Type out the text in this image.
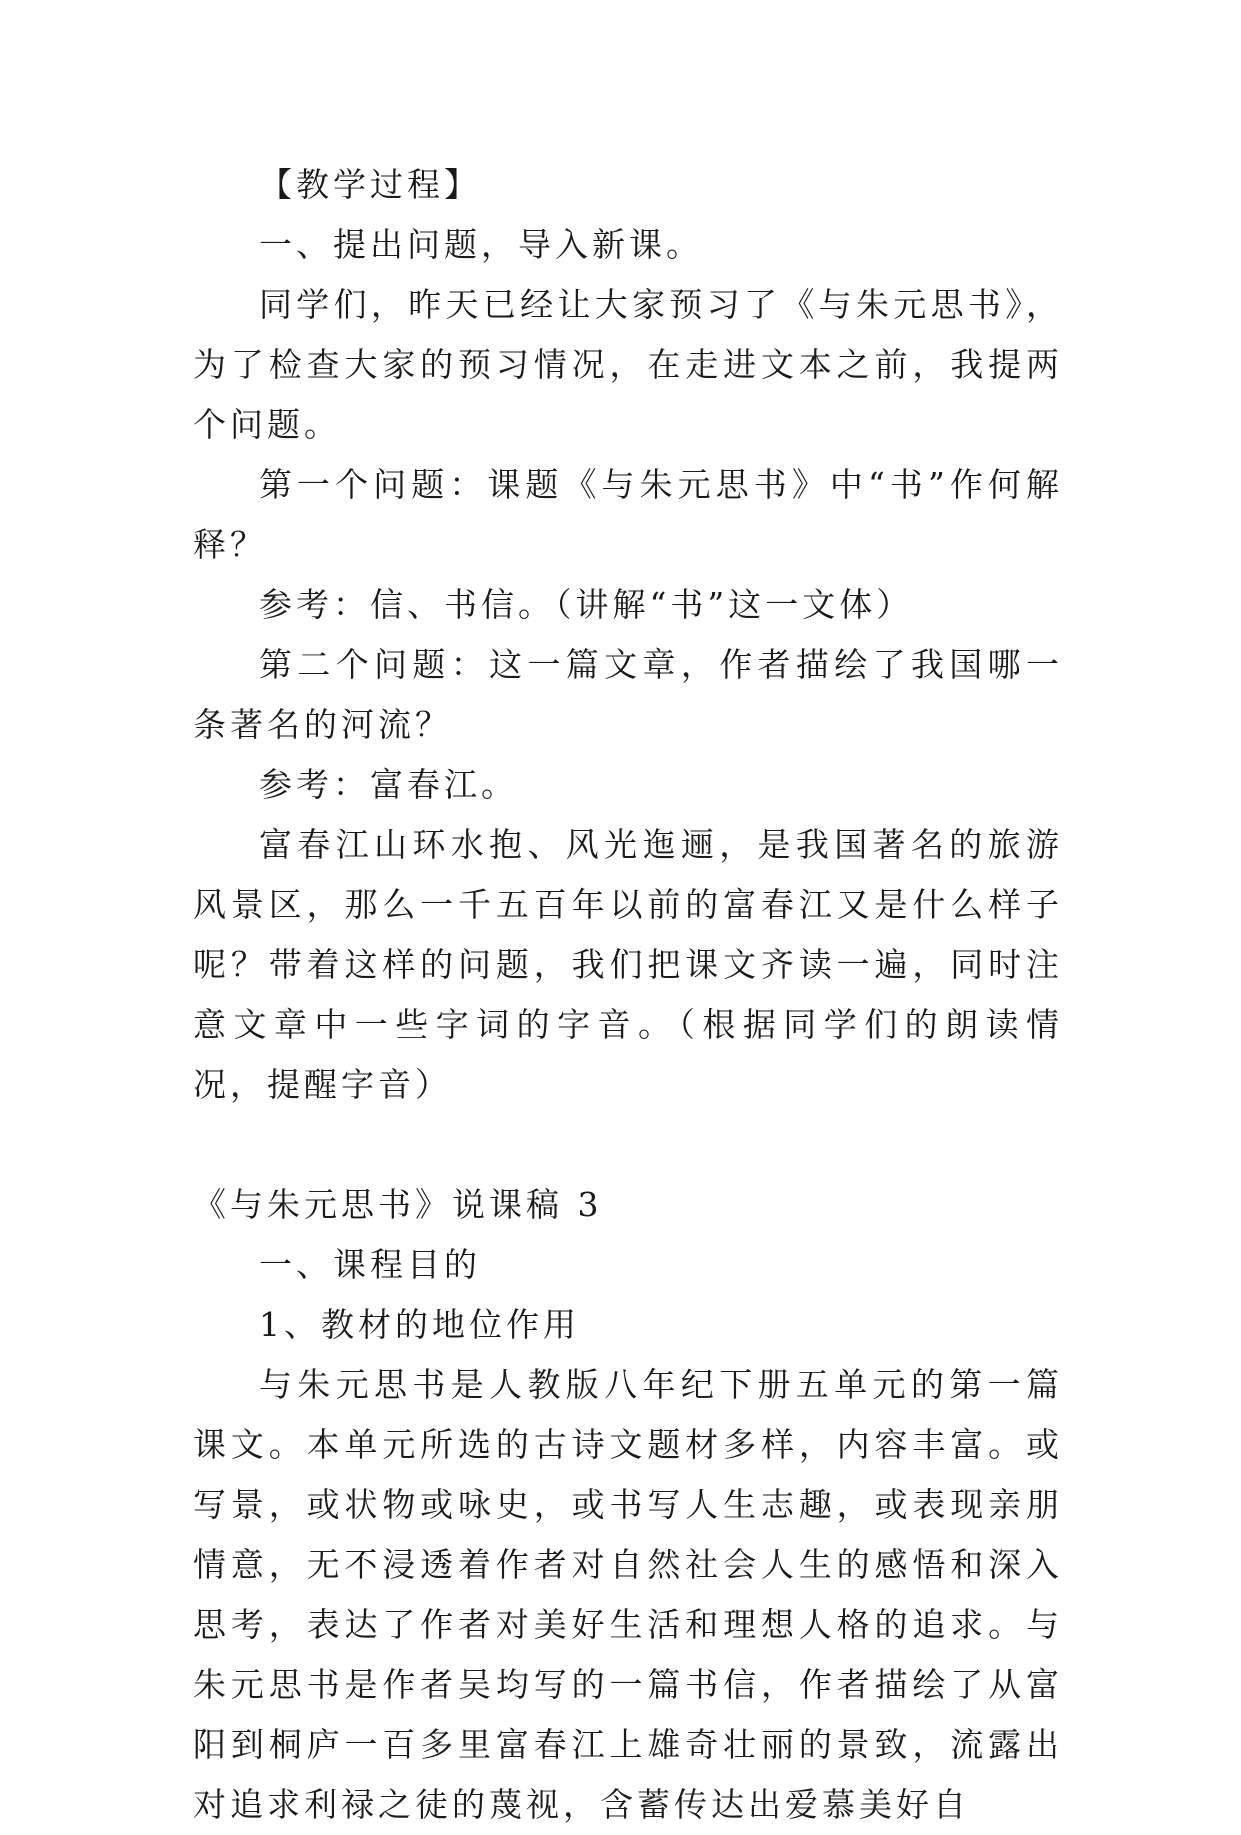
【教学过程】

一、提出问题，导入新课。

同学们，昨天已经让大家预习了《与朱元思书》，为了检查大家的预习情况，在走进文本之前，我提两个问题。

第一个问题：课题《与朱元思书》中“书”作何解释？

参考：信、书信。（讲解“书”这一文体）

第二个问题：这一篇文章，作者描绘了我国哪一条著名的河流？

参考：富春江。

富春江山环水抱、风光迤逦，是我国著名的旅游风景区，那么一千五百年以前的富春江又是什么样子呢？带着这样的问题，我们把课文齐读一遍，同时注意文章中一些字词的字音。（根据同学们的朗读情况，提醒字音）

《与朱元思书》说课稿 3

一、课程目的

1、教材的地位作用

与朱元思书是人教版八年纪下册五单元的第一篇课文。本单元所选的古诗文题材多样，内容丰富。或写景，或状物或咏史，或书写人生志趣，或表现亲朋情意，无不浸透着作者对自然社会人生的感悟和深入思考，表达了作者对美好生活和理想人格的追求。与朱元思书是作者吴均写的一篇书信，作者描绘了从富阳到桐庐一百多里富春江上雄奇壮丽的景致，流露出对追求利禄之徒的蔑视，含蓄传达出爱慕美好自
